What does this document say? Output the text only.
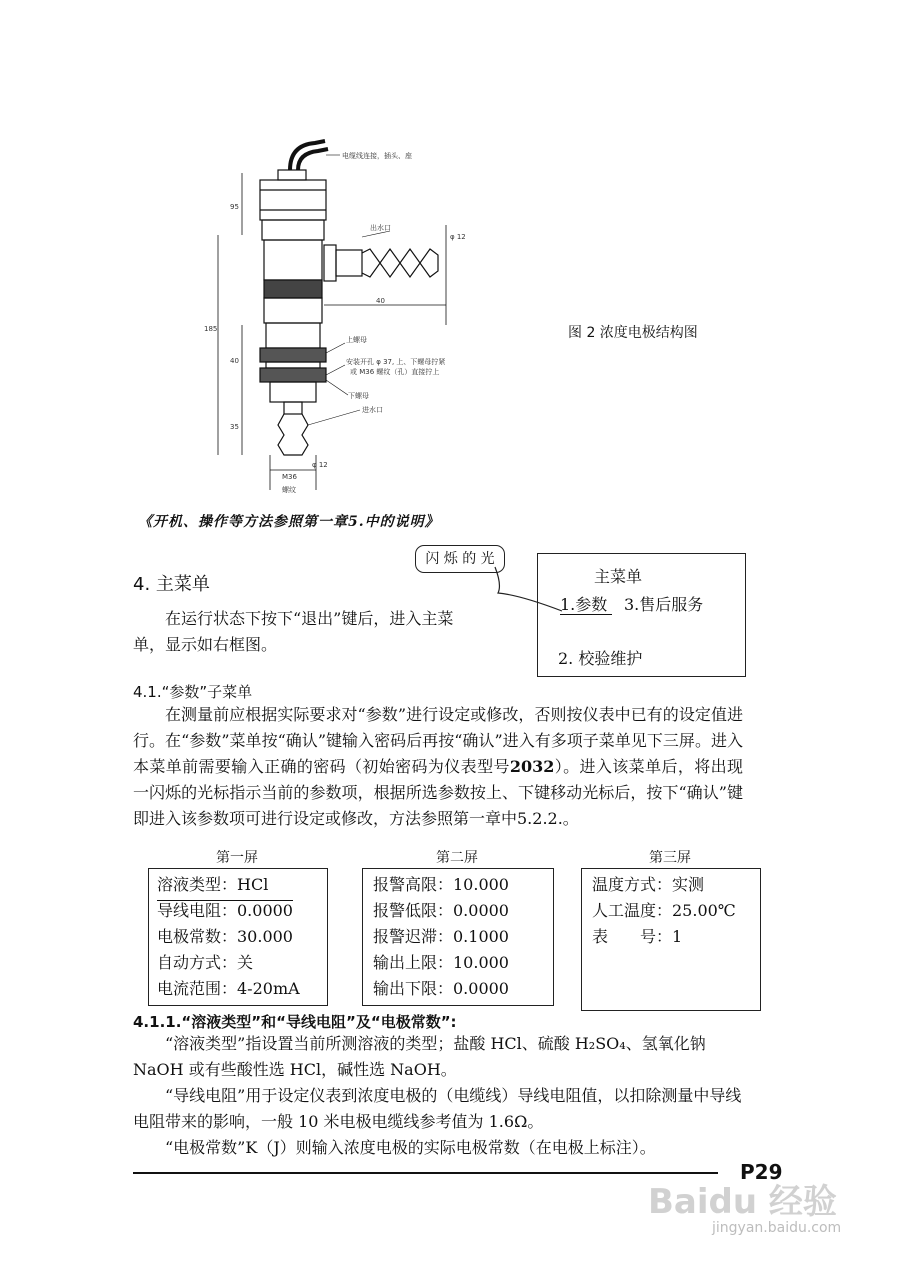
电缆线连接，插头、座
出水口
上螺母
安装开孔 φ 37, 上、下螺母拧紧
或 M36 螺纹（孔）直接拧上
下螺母
进水口
95
185
40
35
40
φ 12
φ 12
M36
螺纹
图 2 浓度电极结构图
《开机、操作等方法参照第一章5.中的说明》
4. 主菜单
在运行状态下按下“退出”键后，进入主菜单，显示如右框图。
主菜单
1.参数 3.售后服务
2. 校验维护
闪 烁 的 光
4.1.“参数”子菜单
在测量前应根据实际要求对“参数”进行设定或修改，否则按仪表中已有的设定值进行。在“参数”菜单按“确认”键输入密码后再按“确认”进入有多项子菜单见下三屏。进入本菜单前需要输入正确的密码（初始密码为仪表型号2032）。进入该菜单后，将出现一闪烁的光标指示当前的参数项，根据所选参数按上、下键移动光标后，按下“确认”键即进入该参数项可进行设定或修改，方法参照第一章中5.2.2.。
第一屏
溶液类型：HCl
导线电阻：0.0000
电极常数：30.000
自动方式：关
电流范围：4-20mA
第二屏
报警高限：10.000
报警低限：0.0000
报警迟滞：0.1000
输出上限：10.000
输出下限：0.0000
第三屏
温度方式：实测
人工温度：25.00℃
表　　号：1
4.1.1.“溶液类型”和“导线电阻”及“电极常数”:
“溶液类型”指设置当前所测溶液的类型；盐酸 HCl、硫酸 H₂SO₄、氢氧化钠 NaOH 或有些酸性选 HCl，碱性选 NaOH。
“导线电阻”用于设定仪表到浓度电极的（电缆线）导线电阻值，以扣除测量中导线电阻带来的影响，一般 10 米电极电缆线参考值为 1.6Ω。
“电极常数”K（J）则输入浓度电极的实际电极常数（在电极上标注）。
P29
Baidu 经验
jingyan.baidu.com
